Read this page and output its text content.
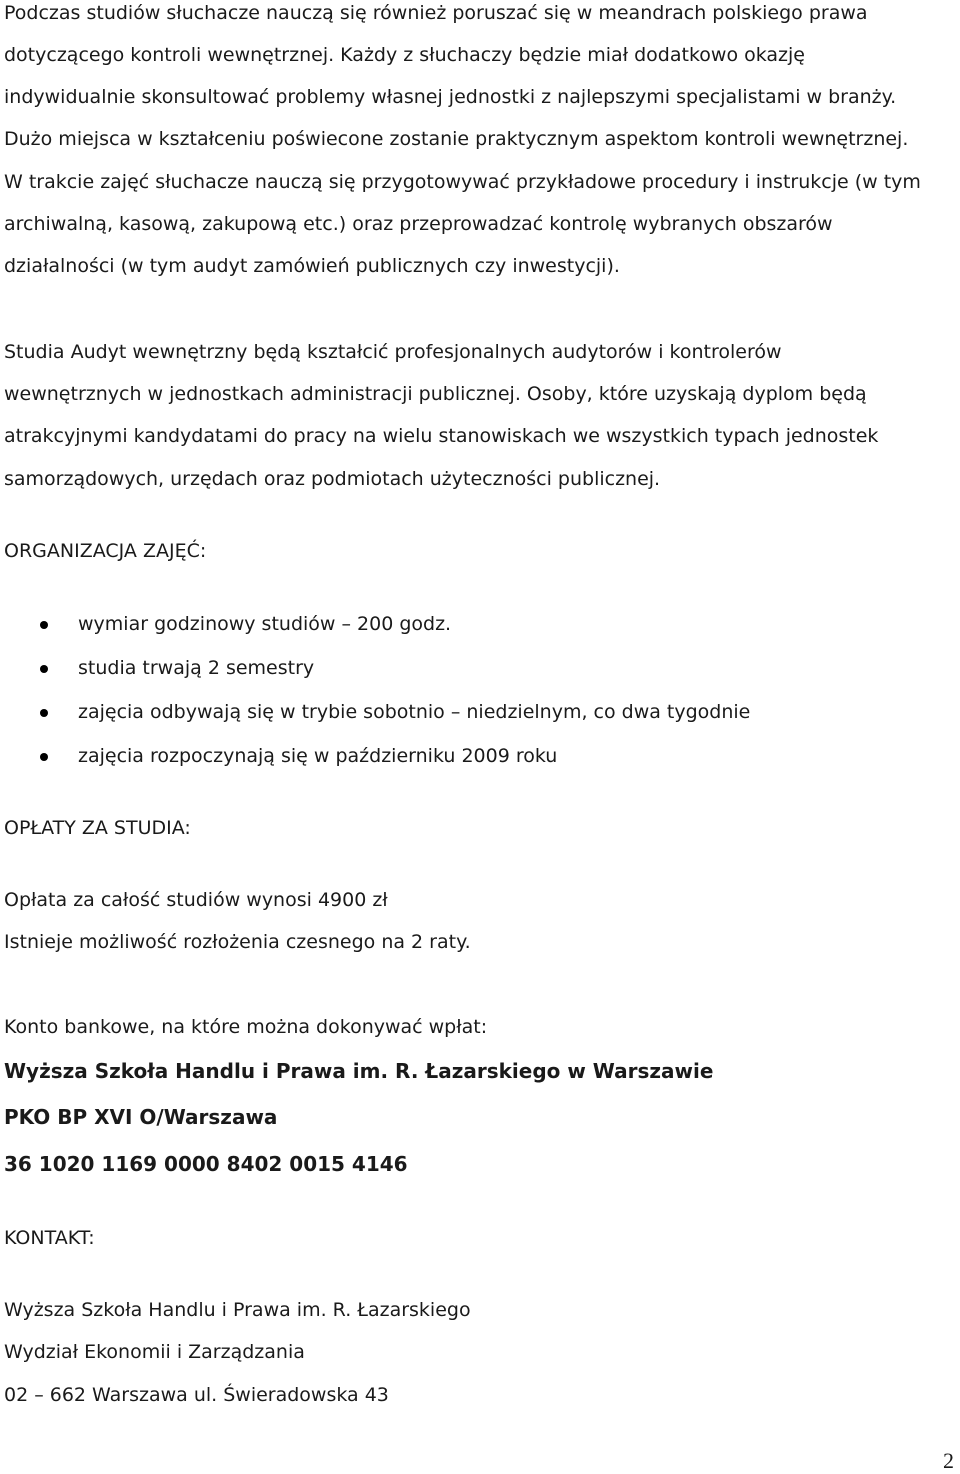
Podczas studiów słuchacze nauczą się również poruszać się w meandrach polskiego prawa

dotyczącego kontroli wewnętrznej. Każdy z słuchaczy będzie miał dodatkowo okazję

indywidualnie skonsultować problemy własnej jednostki z najlepszymi specjalistami w branży.

Dużo miejsca w kształceniu poświecone zostanie praktycznym aspektom kontroli wewnętrznej.

W trakcie zajęć słuchacze nauczą się przygotowywać przykładowe procedury i instrukcje (w tym

archiwalną, kasową, zakupową etc.) oraz przeprowadzać kontrolę wybranych obszarów

działalności (w tym audyt zamówień publicznych czy inwestycji).

Studia Audyt wewnętrzny będą kształcić profesjonalnych audytorów i kontrolerów

wewnętrznych w jednostkach administracji publicznej. Osoby, które uzyskają dyplom będą

atrakcyjnymi kandydatami do pracy na wielu stanowiskach we wszystkich typach jednostek

samorządowych, urzędach oraz podmiotach użyteczności publicznej.

ORGANIZACJA ZAJĘĆ:

wymiar godzinowy studiów – 200 godz.
studia trwają 2 semestry
zajęcia odbywają się w trybie sobotnio – niedzielnym, co dwa tygodnie
zajęcia rozpoczynają się w październiku 2009 roku

OPŁATY ZA STUDIA:

Opłata za całość studiów wynosi 4900 zł

Istnieje możliwość rozłożenia czesnego na 2 raty.

Konto bankowe, na które można dokonywać wpłat:

Wyższa Szkoła Handlu i Prawa im. R. Łazarskiego w Warszawie

PKO BP XVI O/Warszawa

36 1020 1169 0000 8402 0015 4146

KONTAKT:

Wyższa Szkoła Handlu i Prawa im. R. Łazarskiego

Wydział Ekonomii i Zarządzania

02 – 662 Warszawa ul. Świeradowska 43

2
